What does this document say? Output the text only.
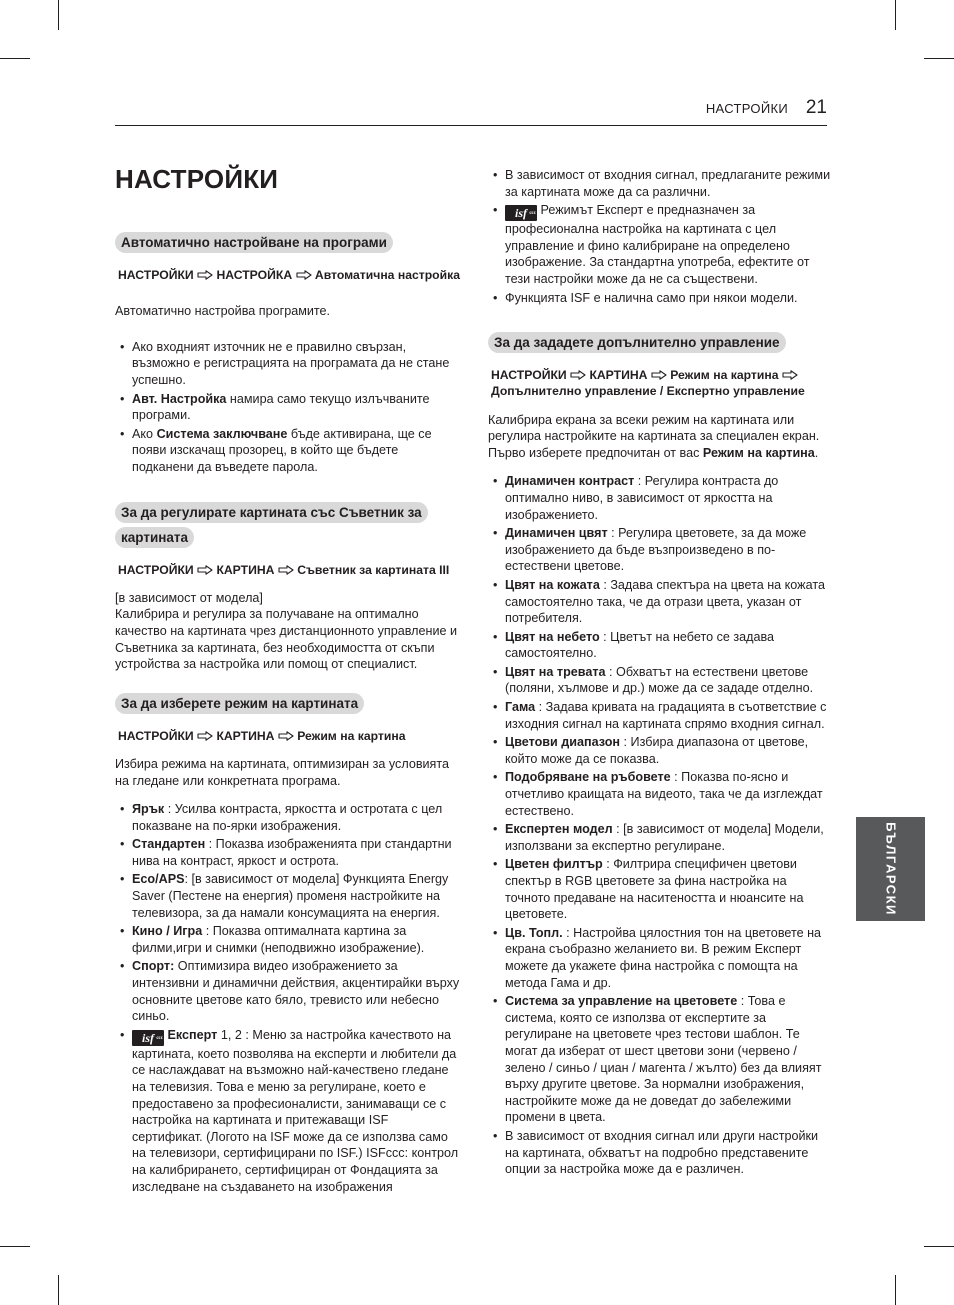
НАСТРОЙКИ 21
НАСТРОЙКИ
Автоматично настройване на програми
НАСТРОЙКИ НАСТРОЙКА Автоматична настройка

Автоматично настройва програмите.

• Ако входният източник не е правилно свързан, възможно е регистрацията на програмата да не стане успешно.
• Авт. Настройка намира само текущо излъчваните програми.
• Ако Система заключване бъде активирана, ще се появи изскачащ прозорец, в който ще бъдете подканени да въведете парола.
За да регулирате картината със Съветник за картината
НАСТРОЙКИ КАРТИНА Съветник за картината III

[в зависимост от модела]

Калибрира и регулира за получаване на оптимално качество на картината чрез дистанционното управление и Съветника за картината, без необходимостта от скъпи устройства за настройка или помощ от специалист.

За да изберете режим на картината
НАСТРОЙКИ КАРТИНА Режим на картина

Избира режима на картината, оптимизиран за условията на гледане или конкретната програма.

• Ярък : Усилва контраста, яркостта и остротата с цел показване на по-ярки изображения.
• Стандартен : Показва изображенията при стандартни нива на контраст, яркост и острота.
• Eco/APS: [в зависимост от модела] Функцията Energy Saver (Пестене на енергия) променя настройките на телевизора, за да намали консумацията на енергия.
• Кино / Игра : Показва оптималната картина за филми,игри и снимки (неподвижно изображение).
• Спорт: Оптимизира видео изображението за интензивни и динамични действия, акцентирайки върху основните цветове като бяло, тревисто или небесно синьо.
• isf ccc Експерт 1, 2 : Меню за настройка качеството на картината, което позволява на експерти и любители да се наслаждават на възможно най-качествено гледане на телевизия. Това е меню за регулиране, което е предоставено за професионалисти, занимаващи се с настройка на картината и притежаващи ISF сертификат. (Логото на ISF може да се използва само на телевизори, сертифицирани по ISF.) ISFccc: контрол на калибрирането, сертифициран от Фондацията за изследване на създаването на изображения
• В зависимост от входния сигнал, предлаганите режими за картината може да са различни.
• isf ccc Режимът Експерт е предназначен за професионална настройка на картината с цел управление и фино калибриране на определено изображение. За стандартна употреба, ефектите от тези настройки може да не са съществени.
• Функцията ISF е налична само при някои модели.
За да зададете допълнително управление
НАСТРОЙКИ КАРТИНА Режим на картина  Допълнително управление / Експертно управление

Калибрира екрана за всеки режим на картината или регулира настройките на картината за специален екран. Първо изберете предпочитан от вас Режим на картина.

• Динамичен контраст : Регулира контраста до оптимално ниво, в зависимост от яркостта на изображението.
• Динамичен цвят : Регулира цветовете, за да може изображението да бъде възпроизведено в по-естествени цветове.
• Цвят на кожата : Задава спектъра на цвета на кожата самостоятелно така, че да отрази цвета, указан от потребителя.
• Цвят на небето : Цветът на небето се задава самостоятелно.
• Цвят на тревата : Обхватът на естествени цветове (поляни, хълмове и др.) може да се зададе отделно.
• Гама : Задава кривата на градацията в съответствие с изходния сигнал на картината спрямо входния сигнал.
• Цветови диапазон : Избира диапазона от цветове, който може да се показва.
• Подобряване на ръбовете : Показва по-ясно и отчетливо краищата на видеото, така че да изглеждат естествено.
• Експертен модел : [в зависимост от модела] Модели, използвани за експертно регулиране.
• Цветен филтър : Филтрира специфичен цветови спектър в RGB цветовете за фина настройка на точното предаване на наситеността и нюансите на цветовете.
• Цв. Топл. : Настройва цялостния тон на цветовете на екрана съобразно желанието ви. В режим Експерт можете да укажете фина настройка с помощта на метода Гама и др.
• Система за управление на цветовете : Това е система, която се използва от експертите за регулиране на цветовете чрез тестови шаблон. Те могат да изберат от шест цветови зони (червено / зелено / синьо / циан / магента / жълто) без да влияят върху другите цветове. За нормални изображения, настройките може да не доведат до забележими промени в цвета.
• В зависимост от входния сигнал или други настройки на картината, обхватът на подробно представените опции за настройка може да е различен.
БЪЛГАРСКИ
